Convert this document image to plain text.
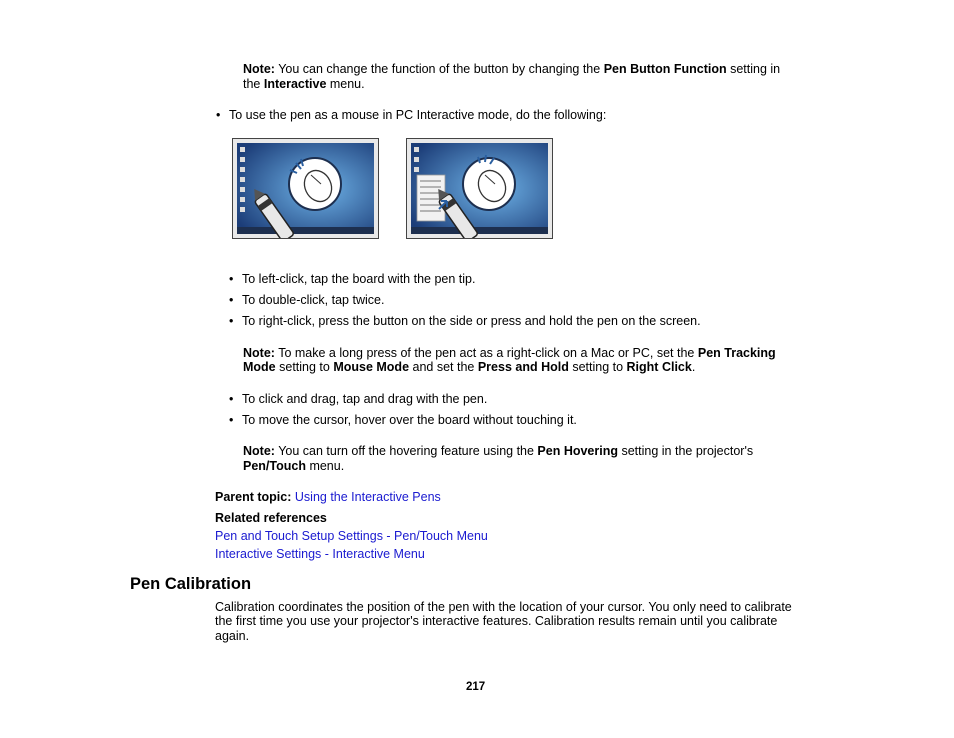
Note: You can change the function of the button by changing the Pen Button Function setting in
the Interactive menu.
• To use the pen as a mouse in PC Interactive mode, do the following:
• To left-click, tap the board with the pen tip.
• To double-click, tap twice.
• To right-click, press the button on the side or press and hold the pen on the screen.
Note: To make a long press of the pen act as a right-click on a Mac or PC, set the Pen Tracking
Mode setting to Mouse Mode and set the Press and Hold setting to Right Click.
• To click and drag, tap and drag with the pen.
• To move the cursor, hover over the board without touching it.
Note: You can turn off the hovering feature using the Pen Hovering setting in the projector's
Pen/Touch menu.
Parent topic: Using the Interactive Pens
Related references
Pen and Touch Setup Settings - Pen/Touch Menu
Interactive Settings - Interactive Menu
Pen Calibration
Calibration coordinates the position of the pen with the location of your cursor. You only need to calibrate
the first time you use your projector's interactive features. Calibration results remain until you calibrate
again.
217
